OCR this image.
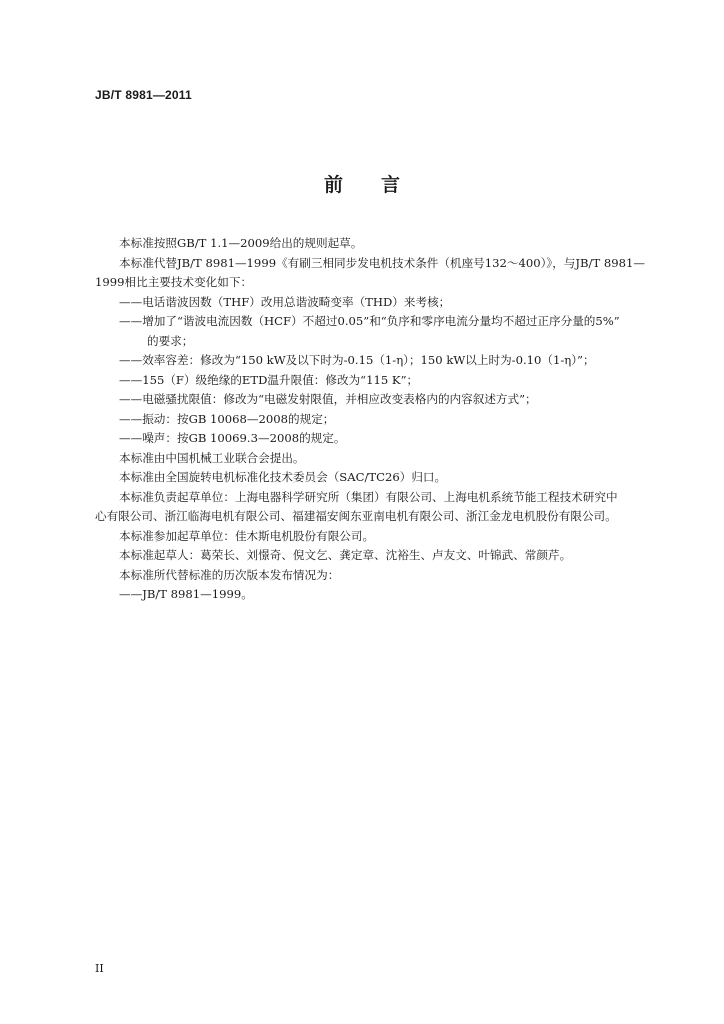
JB/T 8981—2011
前 言

本标准按照GB/T 1.1—2009给出的规则起草。

本标准代替JB/T 8981—1999《有刷三相同步发电机技术条件（机座号132～400）》，与JB/T 8981—

1999相比主要技术变化如下：

——电话谐波因数（THF）改用总谐波畸变率（THD）来考核；

——增加了“谐波电流因数（HCF）不超过0.05”和“负序和零序电流分量均不超过正序分量的5%”

的要求；

——效率容差：修改为“150 kW及以下时为-0.15（1-η）；150 kW以上时为-0.10（1-η）”；

——155（F）级绝缘的ETD温升限值：修改为“115 K”；

——电磁骚扰限值：修改为“电磁发射限值，并相应改变表格内的内容叙述方式”；

——振动：按GB 10068—2008的规定；

——噪声：按GB 10069.3—2008的规定。

本标准由中国机械工业联合会提出。

本标准由全国旋转电机标准化技术委员会（SAC/TC26）归口。

本标准负责起草单位：上海电器科学研究所（集团）有限公司、上海电机系统节能工程技术研究中

心有限公司、浙江临海电机有限公司、福建福安闽东亚南电机有限公司、浙江金龙电机股份有限公司。

本标准参加起草单位：佳木斯电机股份有限公司。

本标准起草人：葛荣长、刘憬奇、倪文乞、龚定章、沈裕生、卢友文、叶锦武、常颜芹。

本标准所代替标准的历次版本发布情况为：

——JB/T 8981—1999。

II
